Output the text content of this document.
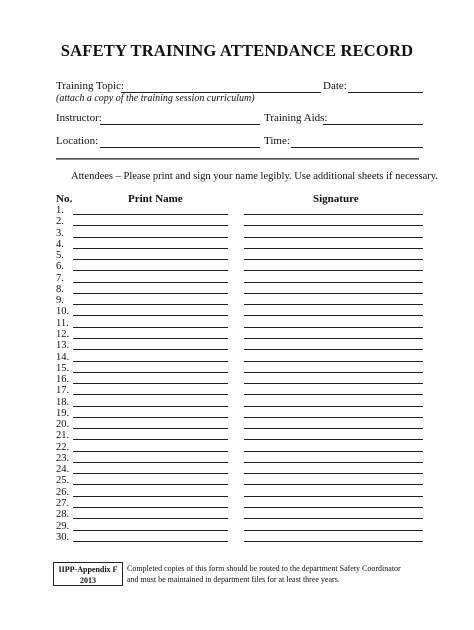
SAFETY TRAINING ATTENDANCE RECORD
Training Topic:	Date:
(attach a copy of the training session curriculum)
Instructor:	Training Aids:
Location:	Time:
Attendees – Please print and sign your name legibly. Use additional sheets if necessary.
No.	Print Name	Signature
1.
2.
3.
4.
5.
6.
7.
8.
9.
10.
11.
12.
13.
14.
15.
16.
17.
18.
19.
20.
21.
22.
23.
24.
25.
26.
27.
28.
29.
30.
IIPP-Appendix F
2013
Completed copies of this form should be routed to the department Safety Coordinator
and must be maintained in department files for at least three years.
